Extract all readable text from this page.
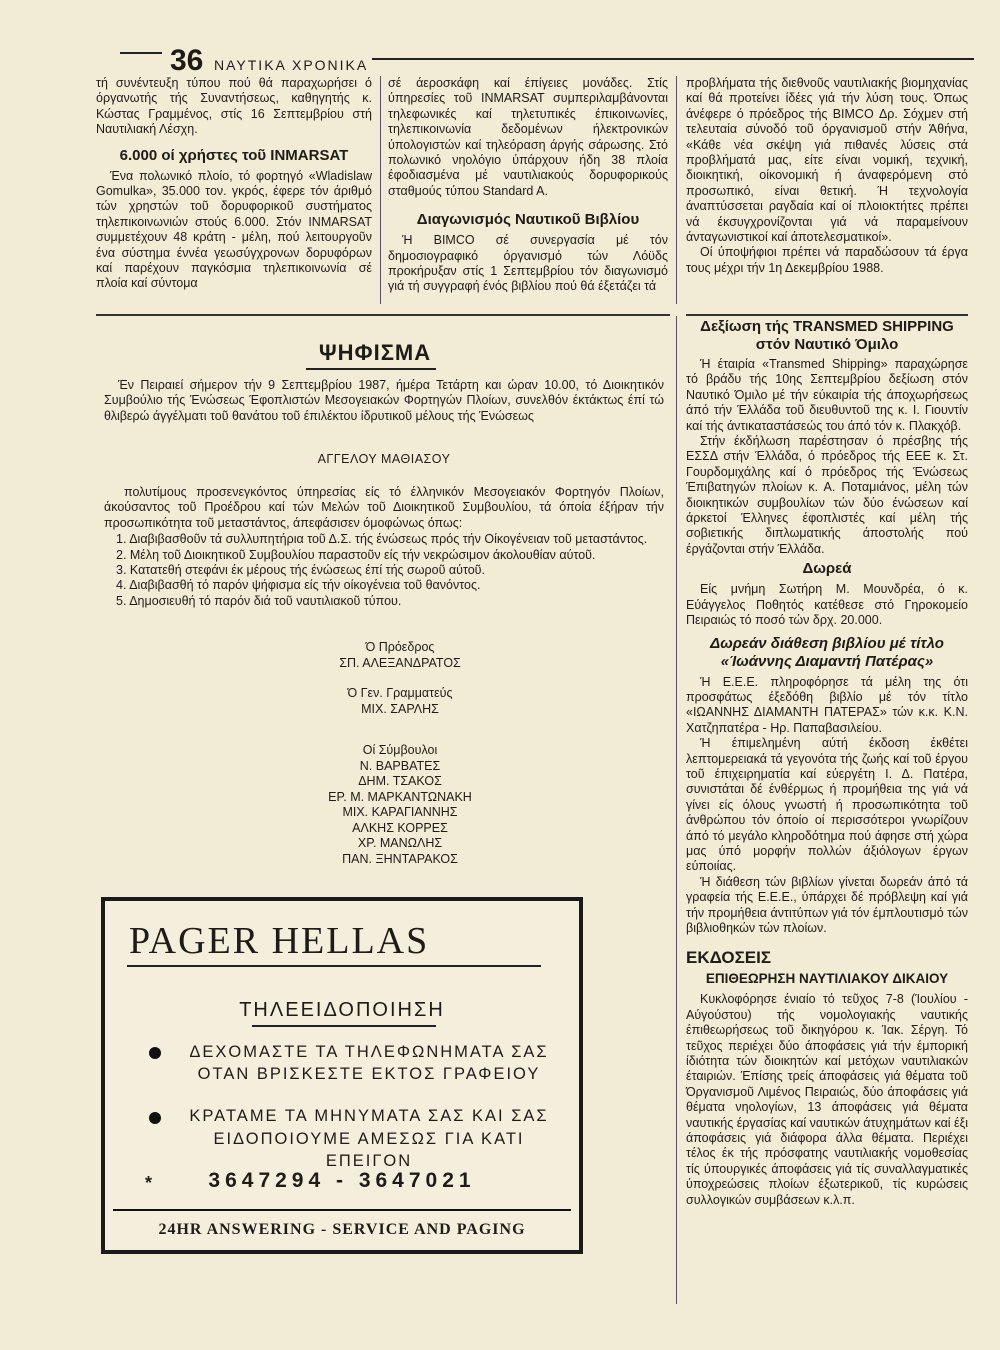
36 ΝΑΥΤΙΚΑ ΧΡΟΝΙΚΑ

τή συνέντευξη τύπου πού θά παραχωρήσει ό όργανωτής τής Συναντήσεως, καθηγητής κ. Κώστας Γραμμένος, στίς 16 Σεπτεμβρίου στή Ναυτιλιακή Λέσχη.

6.000 οί χρήστες τοῦ INMARSAT

Ένα πολωνικό πλοίο, τό φορτηγό «Wladislaw Gomulka», 35.000 τον. γκρός, έφερε τόν άριθμό τών χρηστών τοῦ δορυφορικοῦ συστήματος τηλεπικοινωνιών στούς 6.000. Στόν INMARSAT συμμετέχουν 48 κράτη - μέλη, πού λειτουργοῦν ένα σύστημα έννέα γεωσύγχρονων δορυφόρων καί παρέχουν παγκόσμια τηλεπικοινωνία σέ πλοία καί σύντομα

σέ άεροσκάφη καί έπίγειες μονάδες. Στίς ύπηρεσίες τοῦ INMARSAT συμπεριλαμβάνονται τηλεφωνικές καί τηλετυπικές έπικοινωνίες, τηλεπικοινωνία δεδομένων ήλεκτρονικών ύπολογιστών καί τηλεόραση άργής σάρωσης. Στό πολωνικό νηολόγιο ύπάρχουν ήδη 38 πλοία έφοδιασμένα μέ ναυτιλιακούς δορυφορικούς σταθμούς τύπου Standard A.

Διαγωνισμός Ναυτικοῦ Βιβλίου

Ή BIMCO σέ συνεργασία μέ τόν δημοσιογραφικό όργανισμό τών Λόϋδς προκήρυξαν στίς 1 Σεπτεμβρίου τόν διαγωνισμό γιά τή συγγραφή ένός βιβλίου πού θά έξετάζει τά

προβλήματα τής διεθνοῦς ναυτιλιακής βιομηχανίας καί θά προτείνει ίδέες γιά τήν λύση τους. Όπως άνέφερε ό πρόεδρος τής BIMCO Δρ. Σόχμεν στή τελευταία σύνοδό τοῦ όργανισμοῦ στήν Άθήνα, «Κάθε νέα σκέψη γιά πιθανές λύσεις στά προβλήματά μας, είτε είναι νομική, τεχνική, διοικητική, οίκονομική ή άναφερόμενη στό προσωπικό, είναι θετική. Ή τεχνολογία άναπτύσσεται ραγδαία καί οί πλοιοκτήτες πρέπει νά έκσυγχρονίζονται γιά νά παραμείνουν άνταγωνιστικοί καί άποτελεσματικοί».

Οί ύποψήφιοι πρέπει νά παραδώσουν τά έργα τους μέχρι τήν 1η Δεκεμβρίου 1988.

ΨΗΦΙΣΜΑ

Έν Πειραιεί σήμερον τήν 9 Σεπτεμβρίου 1987, ήμέρα Τετάρτη και ώραν 10.00, τό Διοικητικόν Συμβούλιο τής Ένώσεως Έφοπλιστών Μεσογειακών Φορτηγών Πλοίων, συνελθόν έκτάκτως έπί τώ θλιβερώ άγγέλματι τοῦ θανάτου τοῦ έπιλέκτου ίδρυτικοῦ μέλους τής Ένώσεως

ΑΓΓΕΛΟΥ ΜΑΘΙΑΣΟΥ

πολυτίμους προσενεγκόντος ύπηρεσίας είς τό έλληνικόν Μεσογειακόν Φορτηγόν Πλοίων, άκούσαντος τοῦ Προέδρου καί τών Μελών τοῦ Διοικητικοῦ Συμβουλίου, τά όποία έξήραν τήν προσωπικότητα τοῦ μεταστάντος, άπεφάσισεν όμοφώνως όπως:

1. Διαβιβασθοῦν τά συλλυπητήρια τοῦ Δ.Σ. τής ένώσεως πρός τήν Οίκογένειαν τοῦ μεταστάντος.
2. Μέλη τοῦ Διοικητικοῦ Συμβουλίου παραστοῦν είς τήν νεκρώσιμον άκολουθίαν αύτοῦ.
3. Κατατεθή στεφάνι έκ μέρους τής ένώσεως έπί τής σωροῦ αύτοῦ.
4. Διαβιβασθή τό παρόν ψήφισμα είς τήν οίκογένεια τοῦ θανόντος.
5. Δημοσιευθή τό παρόν διά τοῦ ναυτιλιακοῦ τύπου.
Ό Πρόεδρος
ΣΠ. ΑΛΕΞΑΝΔΡΑΤΟΣ
Ό Γεν. Γραμματεύς
ΜΙΧ. ΣΑΡΛΗΣ
Οί Σύμβουλοι
Ν. ΒΑΡΒΑΤΕΣ
ΔΗΜ. ΤΣΑΚΟΣ
ΕΡ. Μ. ΜΑΡΚΑΝΤΩΝΑΚΗ
ΜΙΧ. ΚΑΡΑΓΙΑΝΝΗΣ
ΑΛΚΗΣ ΚΟΡΡΕΣ
ΧΡ. ΜΑΝΩΛΗΣ
ΠΑΝ. ΞΗΝΤΑΡΑΚΟΣ
PAGER HELLAS
ΤΗΛΕΕΙΔΟΠΟΙΗΣΗ
ΔΕΧΟΜΑΣΤΕ ΤΑ ΤΗΛΕΦΩΝΗΜΑΤΑ ΣΑΣ
ΟΤΑΝ ΒΡΙΣΚΕΣΤΕ ΕΚΤΟΣ ΓΡΑΦΕΙΟΥ
ΚΡΑΤΑΜΕ ΤΑ ΜΗΝΥΜΑΤΑ ΣΑΣ ΚΑΙ ΣΑΣ
ΕΙΔΟΠΟΙΟΥΜΕ ΑΜΕΣΩΣ ΓΙΑ ΚΑΤΙ ΕΠΕΙΓΟΝ
*	3647294 - 3647021
24HR ANSWERING - SERVICE AND PAGING
Δεξίωση τής TRANSMED SHIPPING στόν Ναυτικό Όμιλο

Ή έταιρία «Transmed Shipping» παραχώρησε τό βράδυ τής 10ης Σεπτεμβρίου δεξίωση στόν Ναυτικό Όμιλο μέ τήν εύκαιρία τής άποχωρήσεως άπό τήν Έλλάδα τοῦ διευθυντοῦ της κ. Ι. Γιουντίν καί τής άντικαταστάσεώς του άπό τόν κ. Πλακχόβ.

Στήν έκδήλωση παρέστησαν ό πρέσβης τής ΕΣΣΔ στήν Έλλάδα, ό πρόεδρος τής ΕΕΕ κ. Στ. Γουρδομιχάλης καί ό πρόεδρος τής Ένώσεως Έπιβατηγών πλοίων κ. Α. Ποταμιάνος, μέλη τών διοικητικών συμβουλίων τών δύο ένώσεων καί άρκετοί Έλληνες έφοπλιστές καί μέλη τής σοβιετικής διπλωματικής άποστολής πού έργάζονται στήν Έλλάδα.

Δωρεά

Είς μνήμη Σωτήρη Μ. Μουνδρέα, ό κ. Εύάγγελος Ποθητός κατέθεσε στό Γηροκομείο Πειραιώς τό ποσό τών δρχ. 20.000.

Δωρεάν διάθεση βιβλίου μέ τίτλο «Ίωάννης Διαμαντή Πατέρας»

Ή Ε.Ε.Ε. πληροφόρησε τά μέλη της ότι προσφάτως έξεδόθη βιβλίο μέ τόν τίτλο «ΙΩΑΝΝΗΣ ΔΙΑΜΑΝΤΗ ΠΑΤΕΡΑΣ» τών κ.κ. Κ.Ν. Χατζηπατέρα - Ηρ. Παπαβασιλείου.

Ή έπιμελημένη αύτή έκδοση έκθέτει λεπτομερειακά τά γεγονότα τής ζωής καί τοῦ έργου τοῦ έπιχειρηματία καί εύεργέτη Ι. Δ. Πατέρα, συνιστάται δέ ένθέρμως ή προμήθεια της γιά νά γίνει είς όλους γνωστή ή προσωπικότητα τοῦ άνθρώπου τόν όποίο οί περισσότεροι γνωρίζουν άπό τό μεγάλο κληροδότημα πού άφησε στή χώρα μας ύπό μορφήν πολλών άξιόλογων έργων εύποιίας.

Ή διάθεση τών βιβλίων γίνεται δωρεάν άπό τά γραφεία τής Ε.Ε.Ε., ύπάρχει δέ πρόβλεψη καί γιά τήν προμήθεια άντιτύπων γιά τόν έμπλουτισμό τών βιβλιοθηκών τών πλοίων.

ΕΚΔΟΣΕΙΣ
ΕΠΙΘΕΩΡΗΣΗ ΝΑΥΤΙΛΙΑΚΟΥ ΔΙΚΑΙΟΥ

Κυκλοφόρησε ένιαίο τό τεῦχος 7-8 (Ίουλίου - Αύγούστου) τής νομολογιακής ναυτικής έπιθεωρήσεως τοῦ δικηγόρου κ. Ίακ. Σέργη. Τό τεῦχος περιέχει δύο άποφάσεις γιά τήν έμπορική ίδιότητα τών διοικητών καί μετόχων ναυτιλιακών έταιριών. Έπίσης τρείς άποφάσεις γιά θέματα τοῦ Όργανισμοῦ Λιμένος Πειραιώς, δύο άποφάσεις γιά θέματα νηολογίων, 13 άποφάσεις γιά θέματα ναυτικής έργασίας καί ναυτικών άτυχημάτων καί έξι άποφάσεις γιά διάφορα άλλα θέματα. Περιέχει τέλος έκ τής πρόσφατης ναυτιλιακής νομοθεσίας τίς ύπουργικές άποφάσεις γιά τίς συναλλαγματικές ύποχρεώσεις πλοίων έξωτερικοῦ, τίς κυρώσεις συλλογικών συμβάσεων κ.λ.π.
